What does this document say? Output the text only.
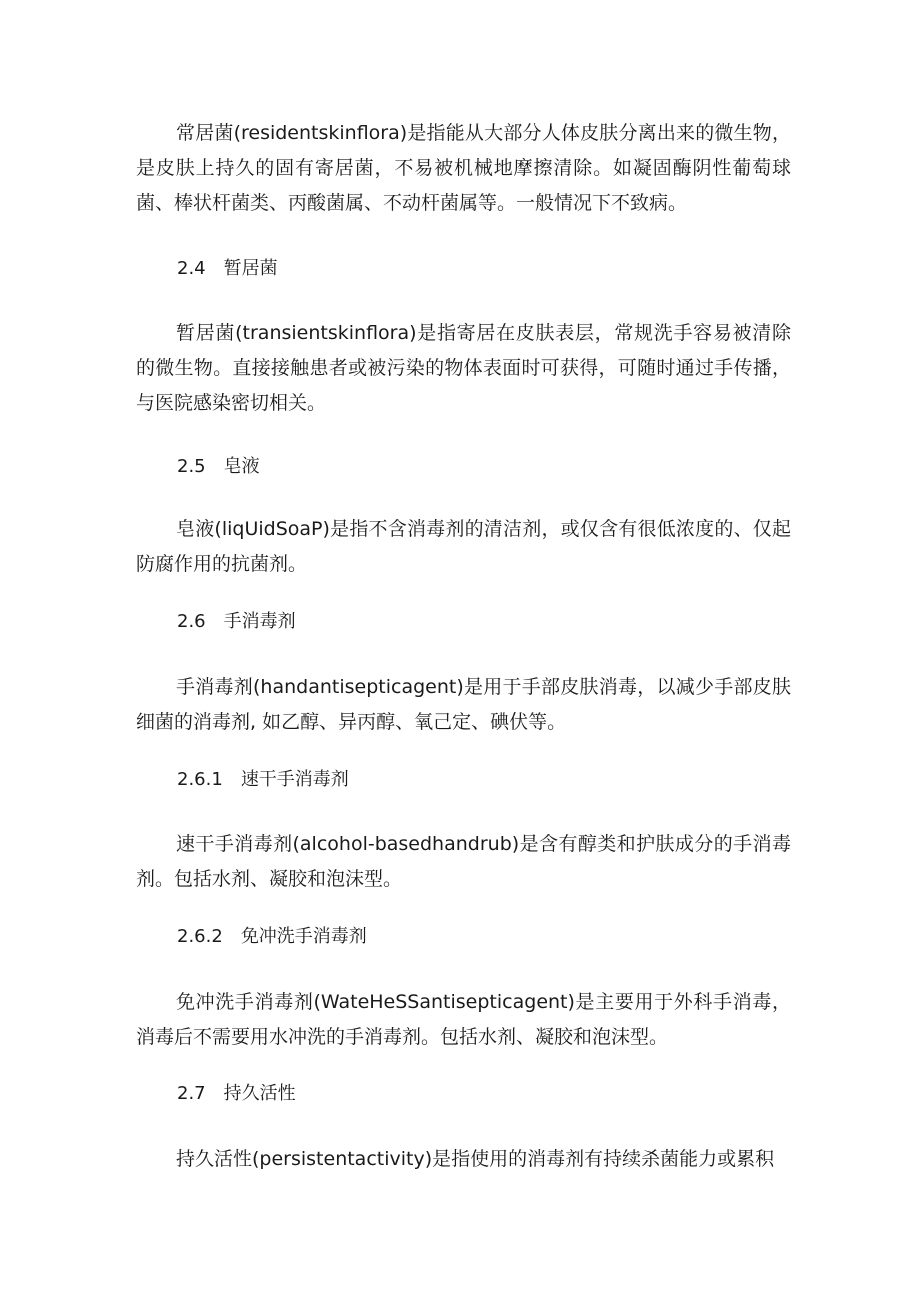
常居菌(residentskinflora)是指能从大部分人体皮肤分离出来的微生物，是皮肤上持久的固有寄居菌，不易被机械地摩擦清除。如凝固酶阴性葡萄球菌、棒状杆菌类、丙酸菌属、不动杆菌属等。一般情况下不致病。

2.4 暂居菌

暂居菌(transientskinflora)是指寄居在皮肤表层，常规洗手容易被清除的微生物。直接接触患者或被污染的物体表面时可获得，可随时通过手传播，与医院感染密切相关。

2.5 皂液

皂液(liqUidSoaP)是指不含消毒剂的清洁剂，或仅含有很低浓度的、仅起防腐作用的抗菌剂。

2.6 手消毒剂

手消毒剂(handantisepticagent)是用于手部皮肤消毒，以减少手部皮肤细菌的消毒剂, 如乙醇、异丙醇、氧己定、碘伏等。

2.6.1 速干手消毒剂

速干手消毒剂(alcohol-basedhandrub)是含有醇类和护肤成分的手消毒剂。包括水剂、凝胶和泡沫型。

2.6.2 免冲洗手消毒剂

免冲洗手消毒剂(WateHeSSantisepticagent)是主要用于外科手消毒，消毒后不需要用水冲洗的手消毒剂。包括水剂、凝胶和泡沫型。

2.7 持久活性

持久活性(persistentactivity)是指使用的消毒剂有持续杀菌能力或累积
